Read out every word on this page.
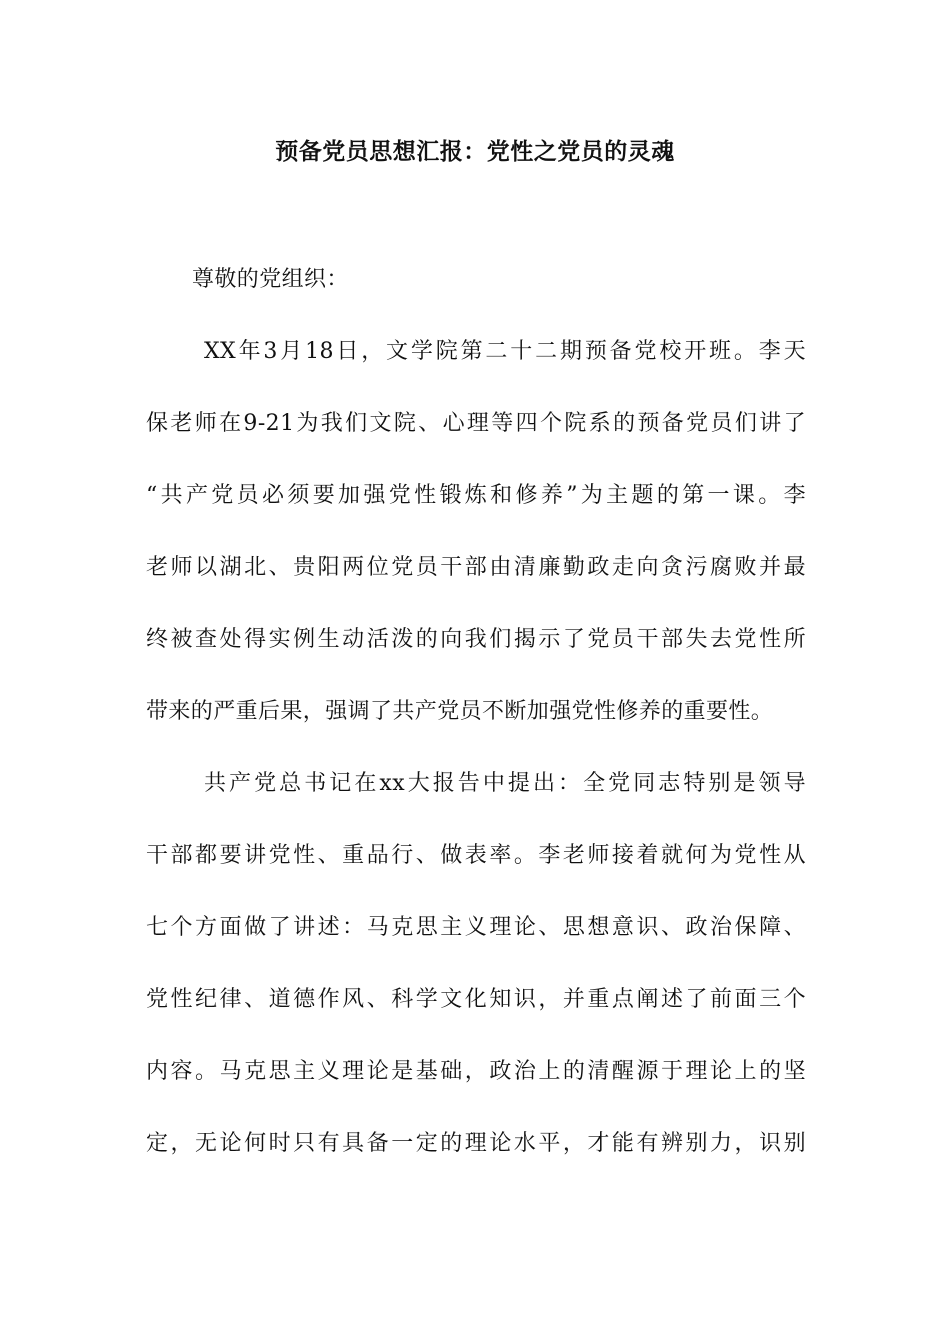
预备党员思想汇报：党性之党员的灵魂
尊敬的党组织：
XX年3月18日，文学院第二十二期预备党校开班。李天
保老师在9-21为我们文院、心理等四个院系的预备党员们讲了
“共产党员必须要加强党性锻炼和修养”为主题的第一课。李
老师以湖北、贵阳两位党员干部由清廉勤政走向贪污腐败并最
终被查处得实例生动活泼的向我们揭示了党员干部失去党性所
带来的严重后果，强调了共产党员不断加强党性修养的重要性。
共产党总书记在xx大报告中提出：全党同志特别是领导
干部都要讲党性、重品行、做表率。李老师接着就何为党性从
七个方面做了讲述：马克思主义理论、思想意识、政治保障、
党性纪律、道德作风、科学文化知识，并重点阐述了前面三个
内容。马克思主义理论是基础，政治上的清醒源于理论上的坚
定，无论何时只有具备一定的理论水平，才能有辨别力，识别
